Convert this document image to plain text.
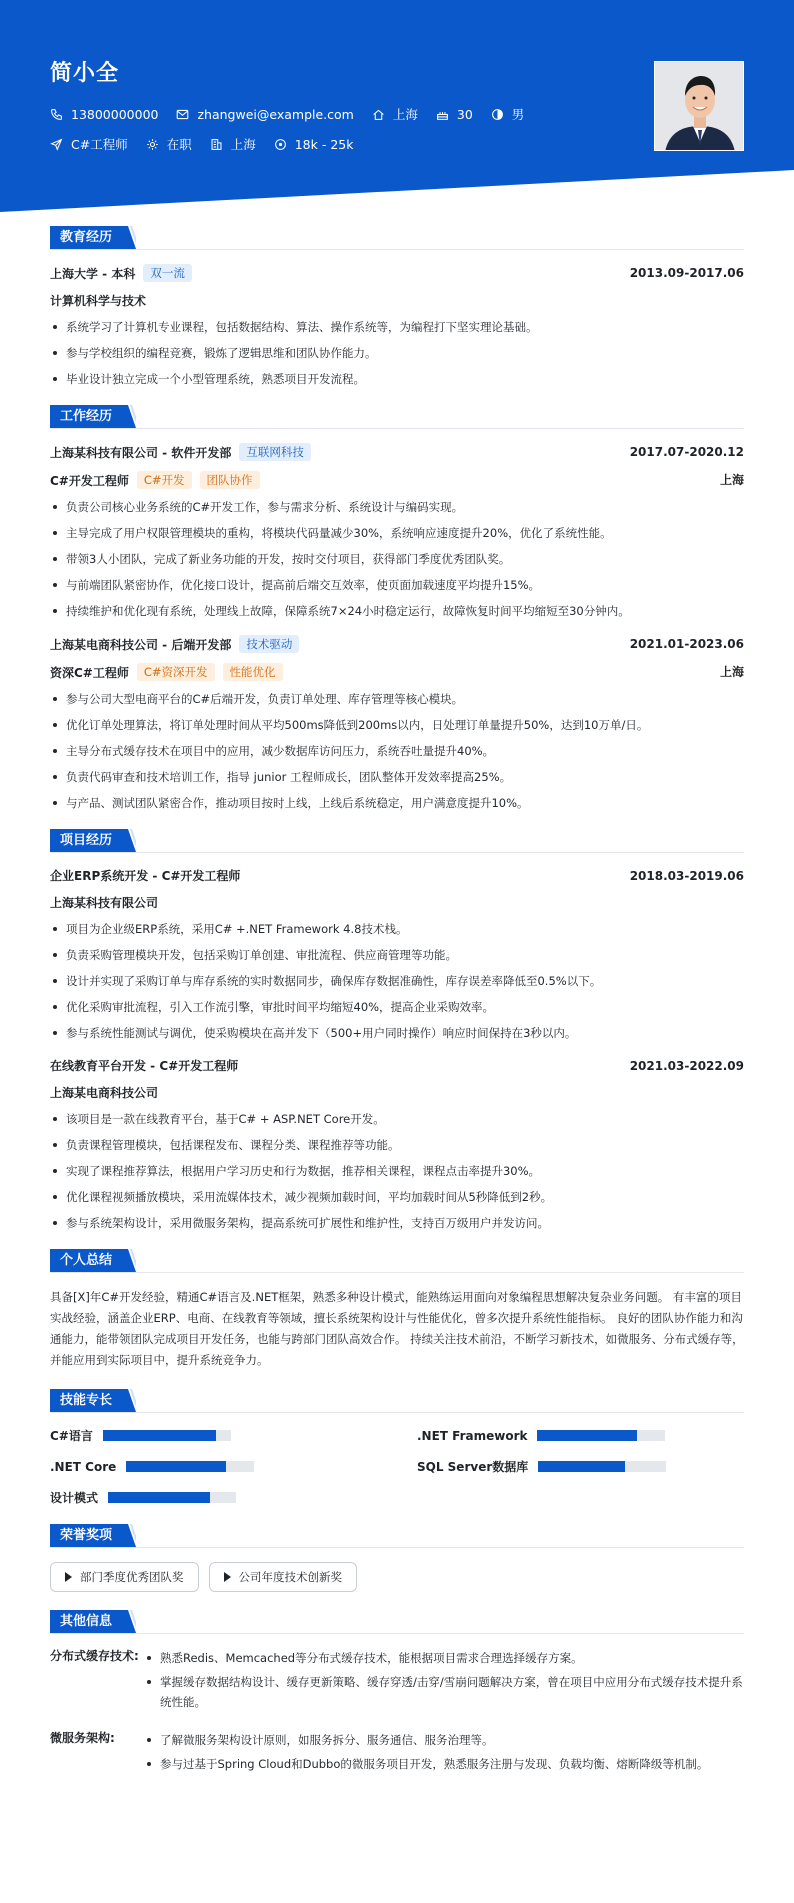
简小全
13800000000	zhangwei@example.com	上海	30	男
C#工程师	在职	上海	18k - 25k
教育经历
上海大学 - 本科	双一流	2013.09-2017.06
计算机科学与技术
系统学习了计算机专业课程，包括数据结构、算法、操作系统等，为编程打下坚实理论基础。
参与学校组织的编程竞赛，锻炼了逻辑思维和团队协作能力。
毕业设计独立完成一个小型管理系统，熟悉项目开发流程。
工作经历
上海某科技有限公司 - 软件开发部	互联网科技	2017.07-2020.12
C#开发工程师	C#开发	团队协作	上海
负责公司核心业务系统的C#开发工作，参与需求分析、系统设计与编码实现。
主导完成了用户权限管理模块的重构，将模块代码量减少30%，系统响应速度提升20%，优化了系统性能。
带领3人小团队，完成了新业务功能的开发，按时交付项目，获得部门季度优秀团队奖。
与前端团队紧密协作，优化接口设计，提高前后端交互效率，使页面加载速度平均提升15%。
持续维护和优化现有系统，处理线上故障，保障系统7×24小时稳定运行，故障恢复时间平均缩短至30分钟内。
上海某电商科技公司 - 后端开发部	技术驱动	2021.01-2023.06
资深C#工程师	C#资深开发	性能优化	上海
参与公司大型电商平台的C#后端开发，负责订单处理、库存管理等核心模块。
优化订单处理算法，将订单处理时间从平均500ms降低到200ms以内，日处理订单量提升50%，达到10万单/日。
主导分布式缓存技术在项目中的应用，减少数据库访问压力，系统吞吐量提升40%。
负责代码审查和技术培训工作，指导 junior 工程师成长，团队整体开发效率提高25%。
与产品、测试团队紧密合作，推动项目按时上线，上线后系统稳定，用户满意度提升10%。
项目经历
企业ERP系统开发 - C#开发工程师	2018.03-2019.06
上海某科技有限公司
项目为企业级ERP系统，采用C# +.NET Framework 4.8技术栈。
负责采购管理模块开发，包括采购订单创建、审批流程、供应商管理等功能。
设计并实现了采购订单与库存系统的实时数据同步，确保库存数据准确性，库存误差率降低至0.5%以下。
优化采购审批流程，引入工作流引擎，审批时间平均缩短40%，提高企业采购效率。
参与系统性能测试与调优，使采购模块在高并发下（500+用户同时操作）响应时间保持在3秒以内。
在线教育平台开发 - C#开发工程师	2021.03-2022.09
上海某电商科技公司
该项目是一款在线教育平台，基于C# + ASP.NET Core开发。
负责课程管理模块，包括课程发布、课程分类、课程推荐等功能。
实现了课程推荐算法，根据用户学习历史和行为数据，推荐相关课程，课程点击率提升30%。
优化课程视频播放模块，采用流媒体技术，减少视频加载时间，平均加载时间从5秒降低到2秒。
参与系统架构设计，采用微服务架构，提高系统可扩展性和维护性，支持百万级用户并发访问。
个人总结

具备[X]年C#开发经验，精通C#语言及.NET框架，熟悉多种设计模式，能熟练运用面向对象编程思想解决复杂业务问题。 有丰富的项目实战经验，涵盖企业ERP、电商、在线教育等领域，擅长系统架构设计与性能优化，曾多次提升系统性能指标。 良好的团队协作能力和沟通能力，能带领团队完成项目开发任务，也能与跨部门团队高效合作。 持续关注技术前沿，不断学习新技术，如微服务、分布式缓存等，并能应用到实际项目中，提升系统竞争力。

技能专长
C#语言	.NET Framework
.NET Core	SQL Server数据库
设计模式
荣誉奖项
部门季度优秀团队奖	公司年度技术创新奖
其他信息
分布式缓存技术:	熟悉Redis、Memcached等分布式缓存技术，能根据项目需求合理选择缓存方案。
掌握缓存数据结构设计、缓存更新策略、缓存穿透/击穿/雪崩问题解决方案，曾在项目中应用分布式缓存技术提升系统性能。
微服务架构:	了解微服务架构设计原则，如服务拆分、服务通信、服务治理等。
参与过基于Spring Cloud和Dubbo的微服务项目开发，熟悉服务注册与发现、负载均衡、熔断降级等机制。
